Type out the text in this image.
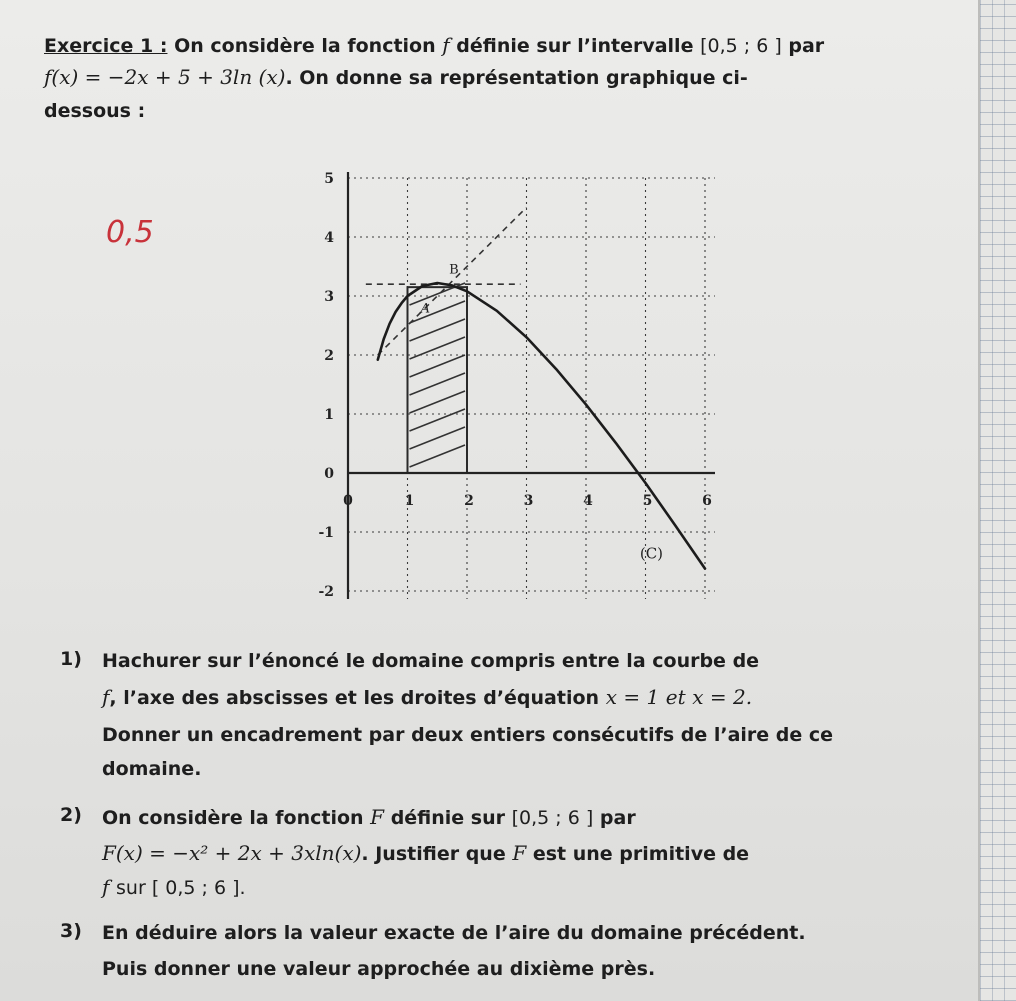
Exercice 1 : On considère la fonction f définie sur l’intervalle [0,5 ; 6 ] par
f(x) = −2x + 5 + 3ln (x). On donne sa représentation graphique ci-
dessous :
0,5
5
4
3
2
1
0
-1
-2
0	1	2	3	4	5	6
(C)
A
B
1) Hachurer sur l’énoncé le domaine compris entre la courbe de
f, l’axe des abscisses et les droites d’équation x = 1 et x = 2.
Donner un encadrement par deux entiers consécutifs de l’aire de ce
domaine.
2) On considère la fonction F définie sur [0,5 ; 6 ] par
F(x) = −x² + 2x + 3xln(x). Justifier que F est une primitive de
f sur [ 0,5 ; 6 ].
3) En déduire alors la valeur exacte de l’aire du domaine précédent.
Puis donner une valeur approchée au dixième près.
